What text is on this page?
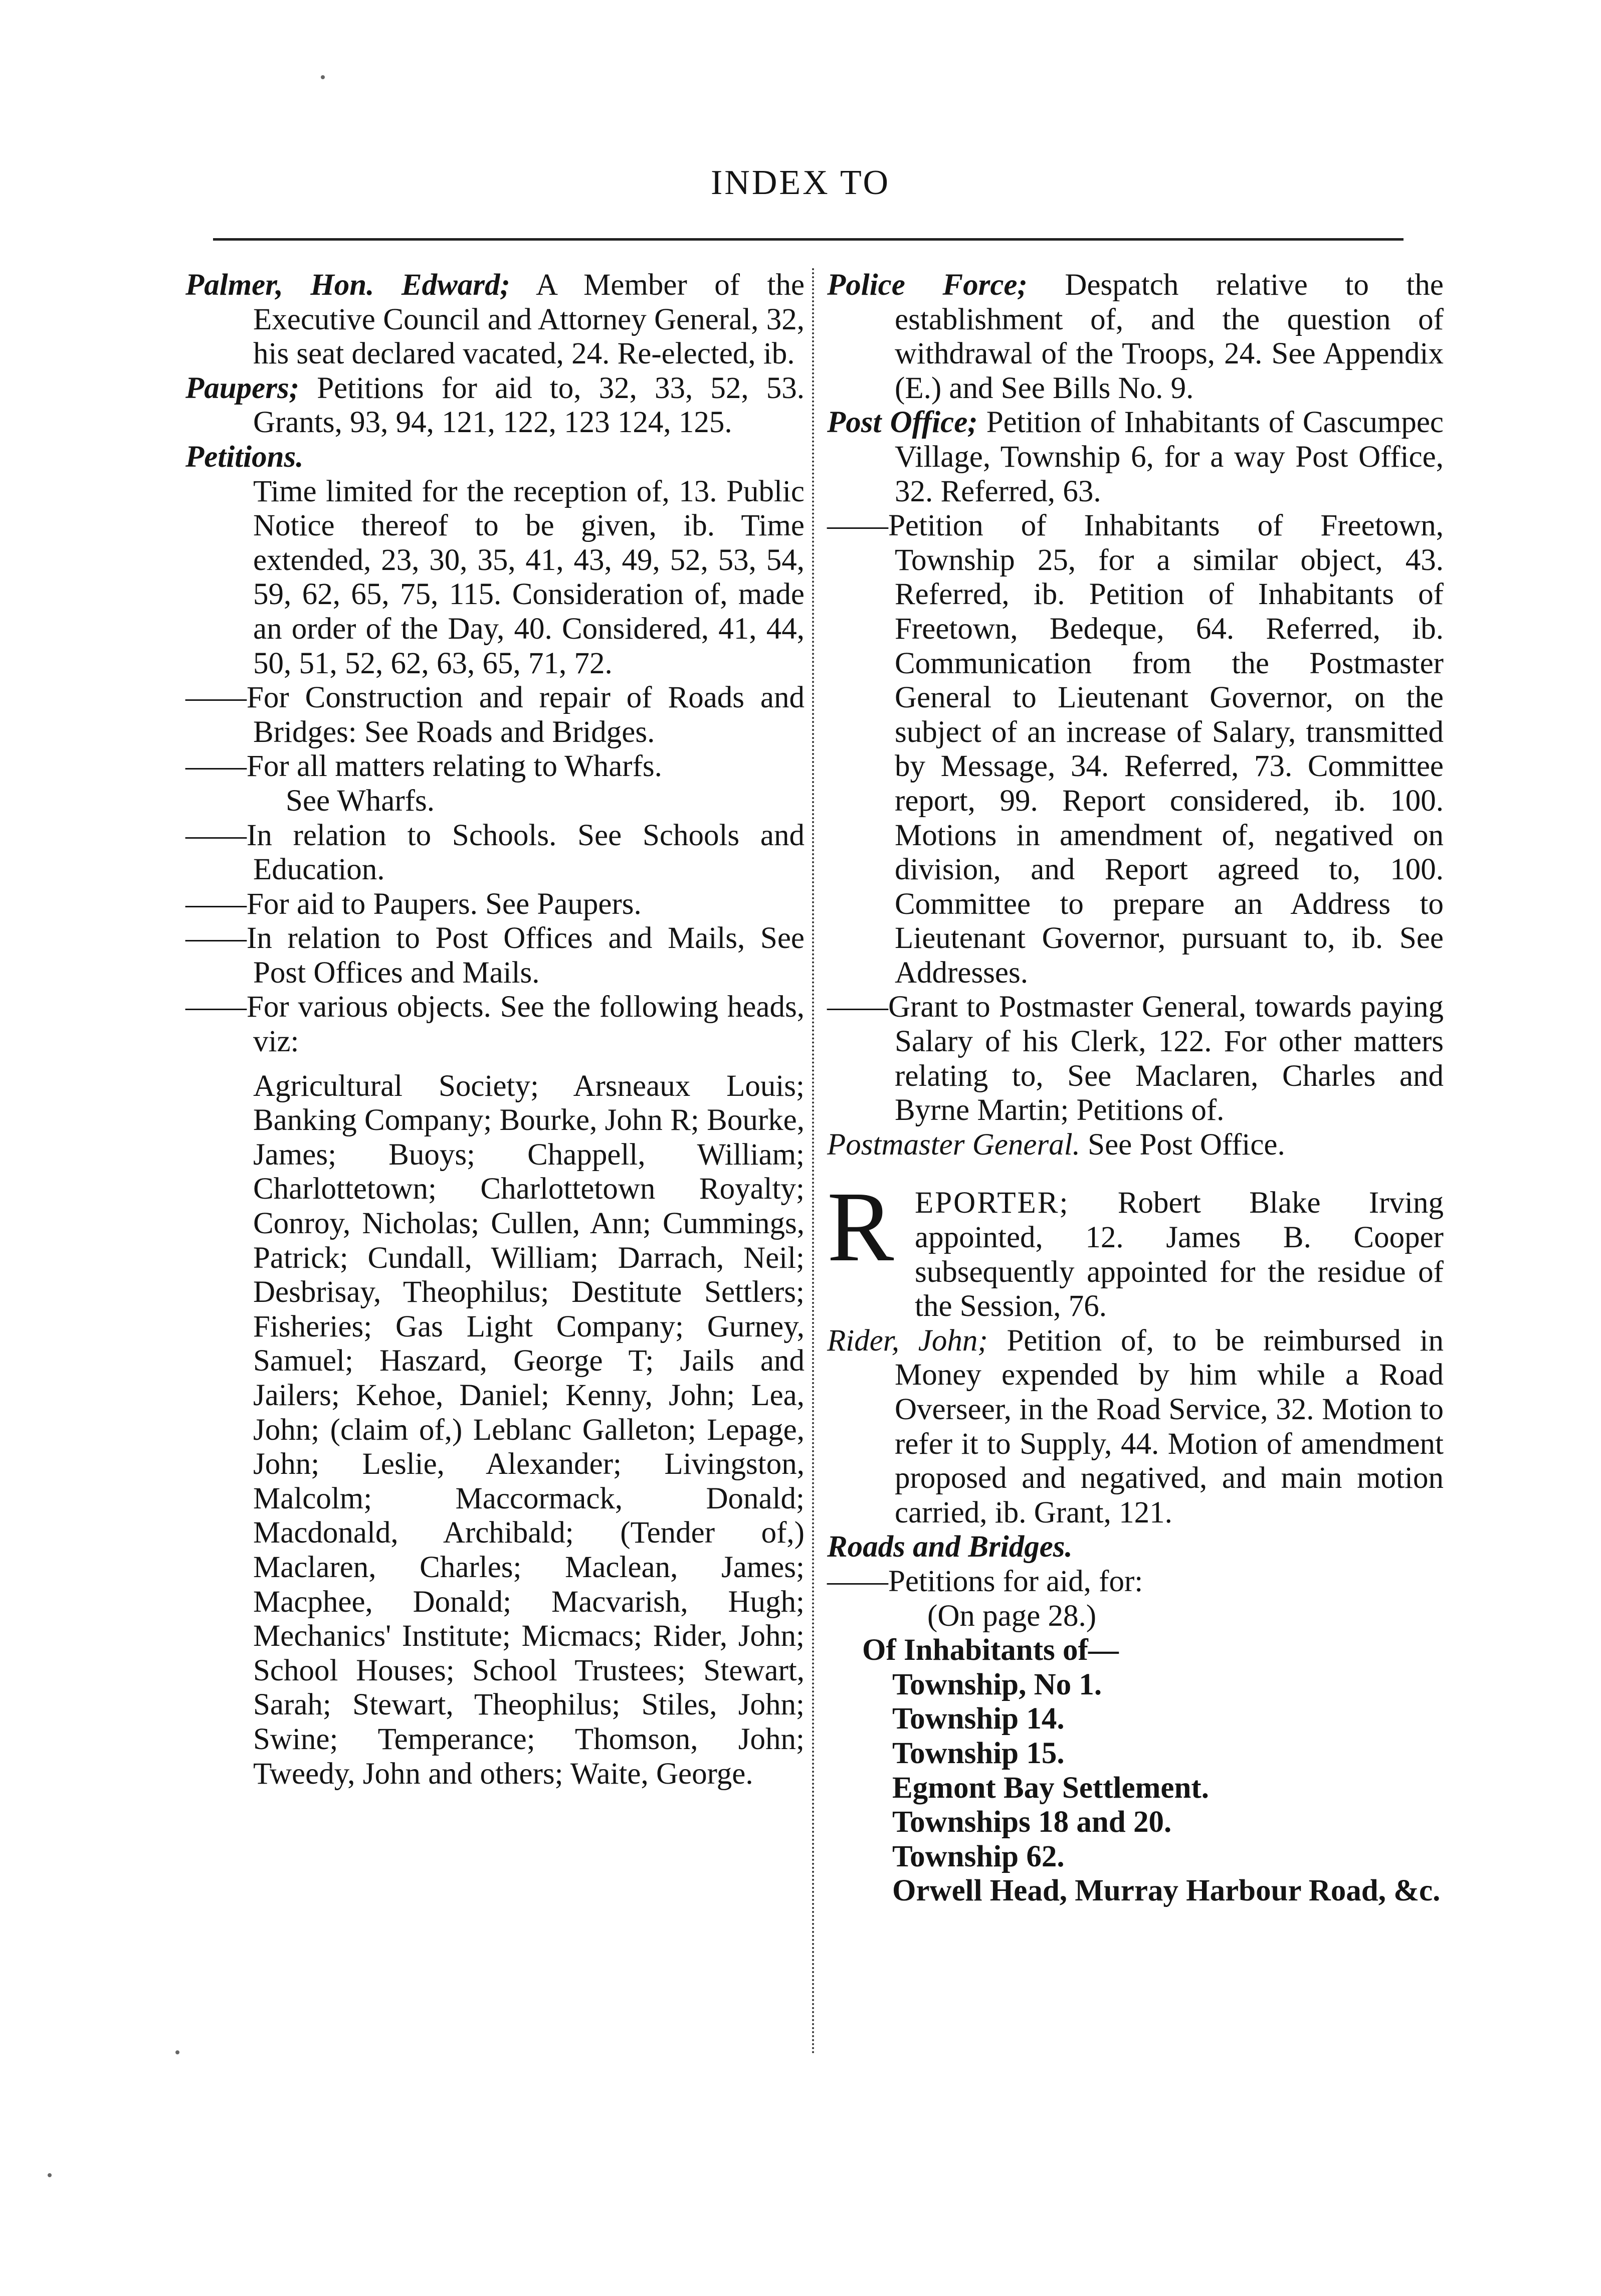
INDEX TO

Palmer, Hon. Edward; A Member of the Executive Council and Attorney General, 32, his seat declared vacated, 24. Re-elected, ib.

Paupers; Petitions for aid to, 32, 33, 52, 53. Grants, 93, 94, 121, 122, 123 124, 125.

Petitions.

Time limited for the reception of, 13. Public Notice thereof to be given, ib. Time extended, 23, 30, 35, 41, 43, 49, 52, 53, 54, 59, 62, 65, 75, 115. Consideration of, made an order of the Day, 40. Considered, 41, 44, 50, 51, 52, 62, 63, 65, 71, 72.

——For Construction and repair of Roads and Bridges: See Roads and Bridges.

——For all matters relating to Wharfs.

See Wharfs.

——In relation to Schools. See Schools and Education.

——For aid to Paupers. See Paupers.

——In relation to Post Offices and Mails, See Post Offices and Mails.

——For various objects. See the following heads, viz:

Agricultural Society; Arsneaux Louis; Banking Company; Bourke, John R; Bourke, James; Buoys; Chappell, William; Charlottetown; Charlottetown Royalty; Conroy, Nicholas; Cullen, Ann; Cummings, Patrick; Cundall, William; Darrach, Neil; Desbrisay, Theophilus; Destitute Settlers; Fisheries; Gas Light Company; Gurney, Samuel; Haszard, George T; Jails and Jailers; Kehoe, Daniel; Kenny, John; Lea, John; (claim of,) Leblanc Galleton; Lepage, John; Leslie, Alexander; Livingston, Malcolm; Maccormack, Donald; Macdonald, Archibald; (Tender of,) Maclaren, Charles; Maclean, James; Macphee, Donald; Macvarish, Hugh; Mechanics' Institute; Micmacs; Rider, John; School Houses; School Trustees; Stewart, Sarah; Stewart, Theophilus; Stiles, John; Swine; Temperance; Thomson, John; Tweedy, John and others; Waite, George.

Police Force; Despatch relative to the establishment of, and the question of withdrawal of the Troops, 24. See Appendix (E.) and See Bills No. 9.

Post Office; Petition of Inhabitants of Cascumpec Village, Township 6, for a way Post Office, 32. Referred, 63.

——Petition of Inhabitants of Freetown, Township 25, for a similar object, 43. Referred, ib. Petition of Inhabitants of Freetown, Bedeque, 64. Referred, ib. Communication from the Postmaster General to Lieutenant Governor, on the subject of an increase of Salary, transmitted by Message, 34. Referred, 73. Committee report, 99. Report considered, ib. 100. Motions in amendment of, negatived on division, and Report agreed to, 100. Committee to prepare an Address to Lieutenant Governor, pursuant to, ib. See Addresses.

——Grant to Postmaster General, towards paying Salary of his Clerk, 122. For other matters relating to, See Maclaren, Charles and Byrne Martin; Petitions of.

Postmaster General. See Post Office.

R EPORTER; Robert Blake Irving appointed, 12. James B. Cooper subsequently appointed for the residue of the Session, 76.

Rider, John; Petition of, to be reimbursed in Money expended by him while a Road Overseer, in the Road Service, 32. Motion to refer it to Supply, 44. Motion of amendment proposed and negatived, and main motion carried, ib. Grant, 121.

Roads and Bridges.

——Petitions for aid, for:

(On page 28.)

Of Inhabitants of—

Township, No 1.

Township 14.

Township 15.

Egmont Bay Settlement.

Townships 18 and 20.

Township 62.

Orwell Head, Murray Harbour Road, &c.
